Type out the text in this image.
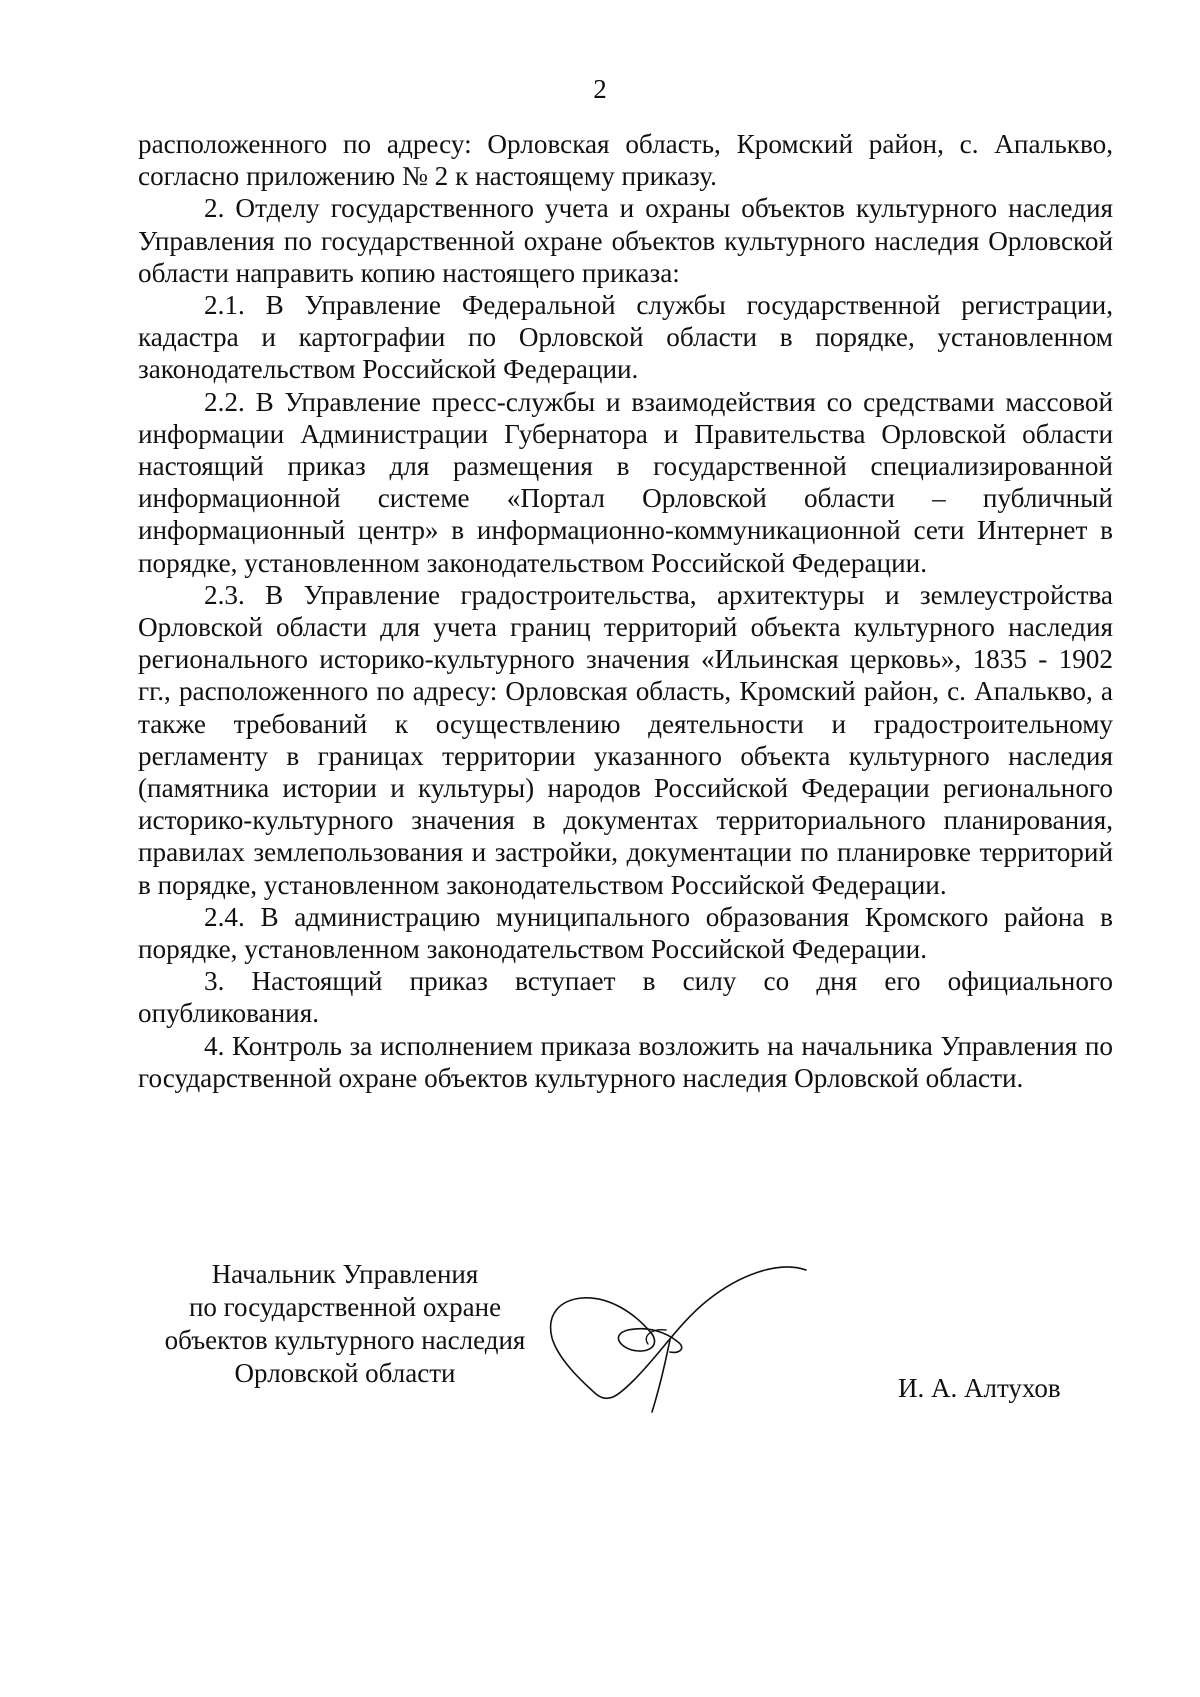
2

расположенного по адресу: Орловская область, Кромский район, с. Апалькво, согласно приложению № 2 к настоящему приказу.

2. Отделу государственного учета и охраны объектов культурного наследия Управления по государственной охране объектов культурного наследия Орловской области направить копию настоящего приказа:

2.1. В Управление Федеральной службы государственной регистрации, кадастра и картографии по Орловской области в порядке, установленном законодательством Российской Федерации.

2.2. В Управление пресс-службы и взаимодействия со средствами массовой информации Администрации Губернатора и Правительства Орловской области настоящий приказ для размещения в государственной специализированной информационной системе «Портал Орловской области – публичный информационный центр» в информационно-коммуникационной сети Интернет в порядке, установленном законодательством Российской Федерации.

2.3. В Управление градостроительства, архитектуры и землеустройства Орловской области для учета границ территорий объекта культурного наследия регионального историко-культурного значения «Ильинская церковь», 1835 - 1902 гг., расположенного по адресу: Орловская область, Кромский район, с. Апалькво, а также требований к осуществлению деятельности и градостроительному регламенту в границах территории указанного объекта культурного наследия (памятника истории и культуры) народов Российской Федерации регионального историко-культурного значения в документах территориального планирования, правилах землепользования и застройки, документации по планировке территорий в порядке, установленном законодательством Российской Федерации.

2.4. В администрацию муниципального образования Кромского района в порядке, установленном законодательством Российской Федерации.

3. Настоящий приказ вступает в силу со дня его официального опубликования.

4. Контроль за исполнением приказа возложить на начальника Управления по государственной охране объектов культурного наследия Орловской области.

Начальник Управления
по государственной охране
объектов культурного наследия
Орловской области	И. А. Алтухов
